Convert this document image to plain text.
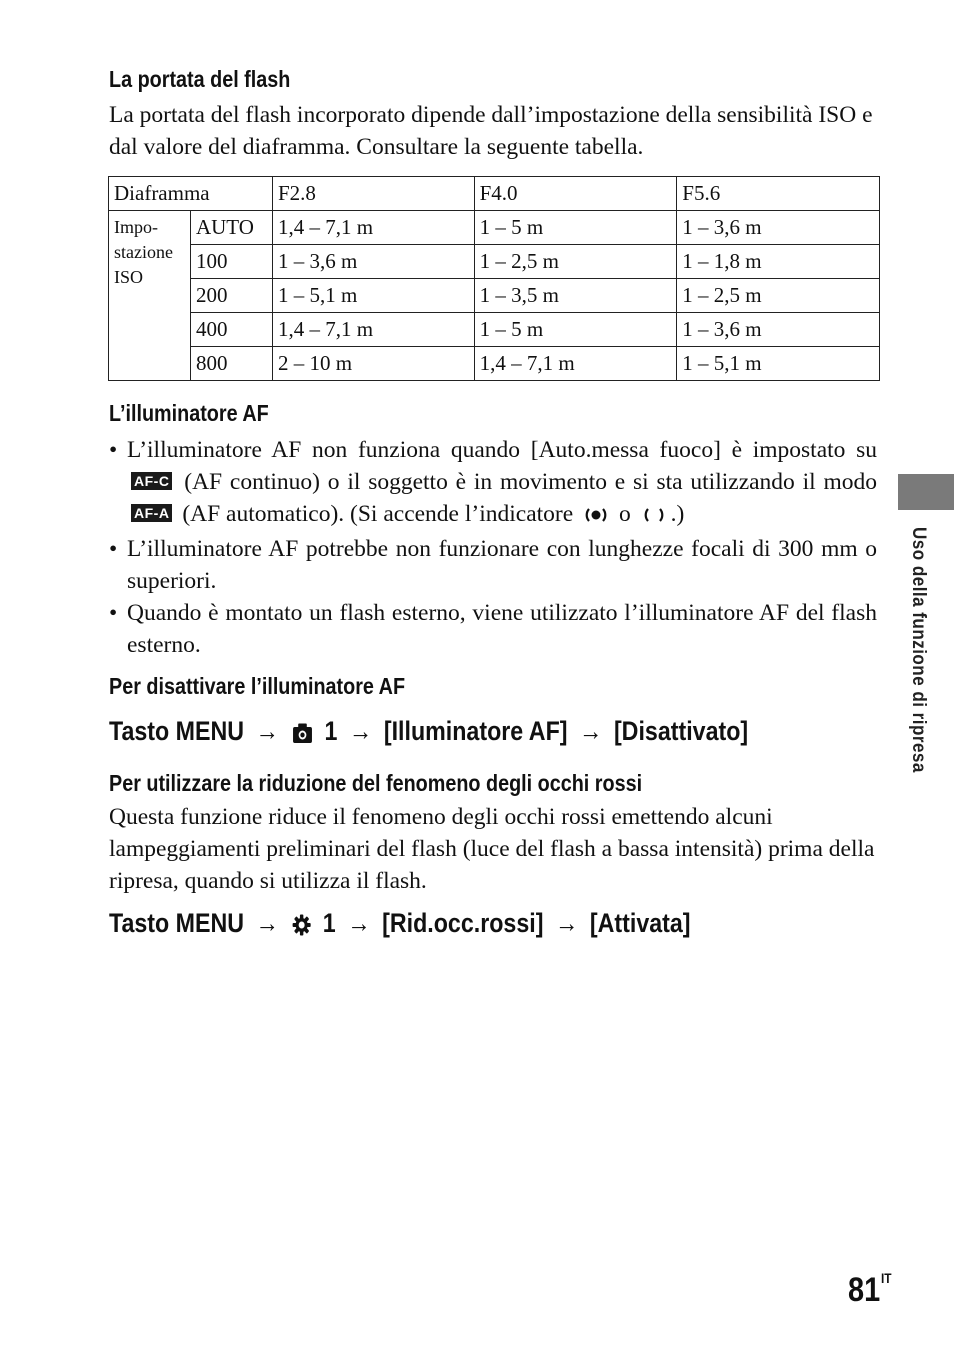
La portata del flash

La portata del flash incorporato dipende dall’impostazione della sensibilità ISO e dal valore del diaframma. Consultare la seguente tabella.

Diaframma		F2.8	F4.0	F5.6
Impo-
stazione
ISO	AUTO	1,4 – 7,1 m	1 – 5 m	1 – 3,6 m
	100	1 – 3,6 m	1 – 2,5 m	1 – 1,8 m
	200	1 – 5,1 m	1 – 3,5 m	1 – 2,5 m
	400	1,4 – 7,1 m	1 – 5 m	1 – 3,6 m
	800	2 – 10 m	1,4 – 7,1 m	1 – 5,1 m
L’illuminatore AF
• L’illuminatore AF non funziona quando [Auto.messa fuoco] è impostato su AF-C (AF continuo) o il soggetto è in movimento e si sta utilizzando il modo AF-A (AF automatico). (Si accende l’indicatore o .)
• L’illuminatore AF potrebbe non funzionare con lunghezze focali di 300 mm o superiori.
• Quando è montato un flash esterno, viene utilizzato l’illuminatore AF del flash esterno.
Per disattivare l’illuminatore AF
Tasto MENU → 1 → [Illuminatore AF] → [Disattivato]
Per utilizzare la riduzione del fenomeno degli occhi rossi

Questa funzione riduce il fenomeno degli occhi rossi emettendo alcuni lampeggiamenti preliminari del flash (luce del flash a bassa intensità) prima della ripresa, quando si utilizza il flash.

Tasto MENU → 1 → [Rid.occ.rossi] → [Attivata]
Uso della funzione di ripresa
$81^{IT}$
